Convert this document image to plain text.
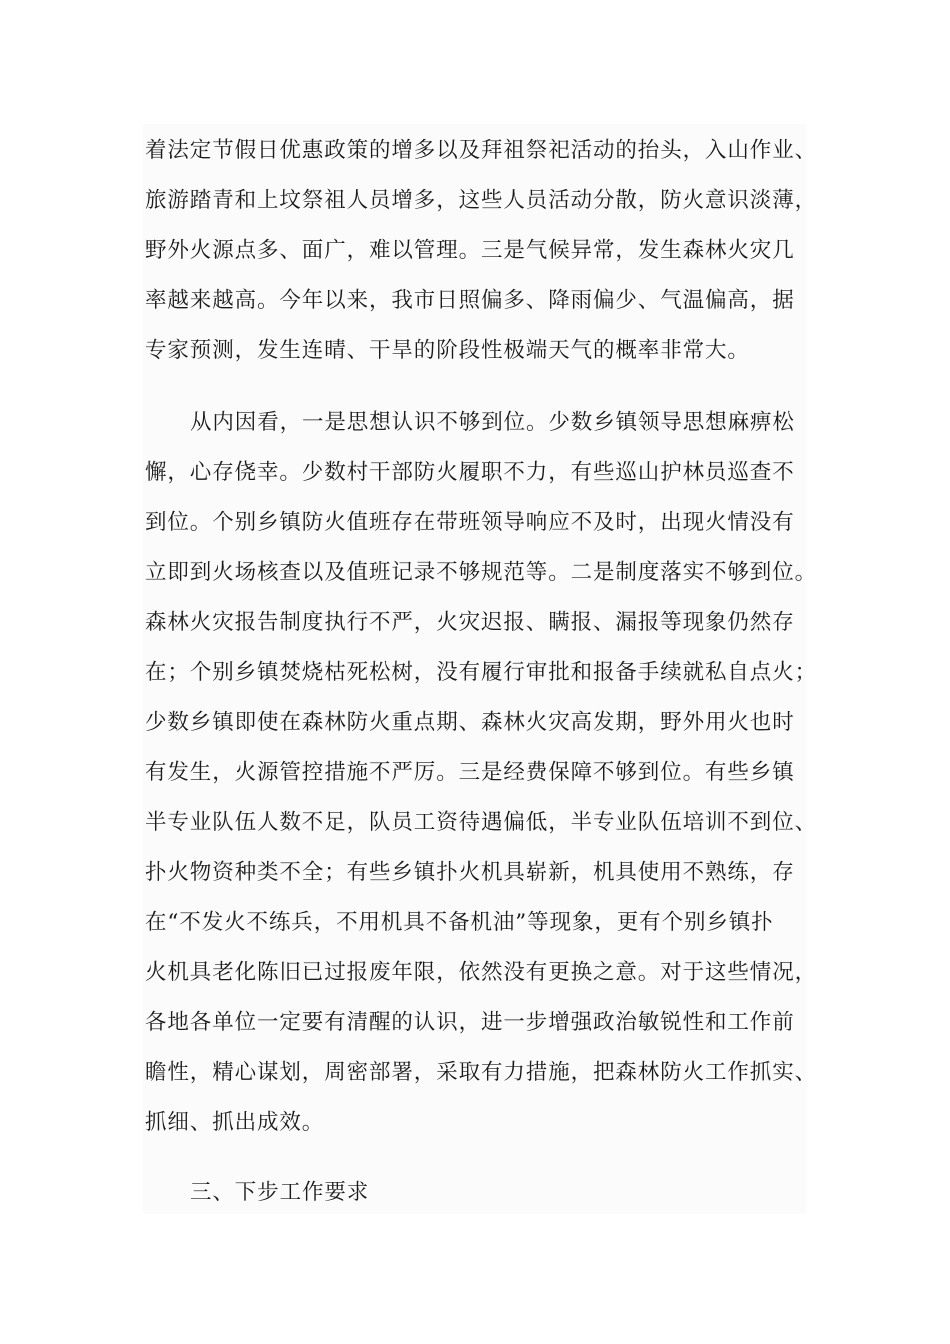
着法定节假日优惠政策的增多以及拜祖祭祀活动的抬头，入山作业、
旅游踏青和上坟祭祖人员增多，这些人员活动分散，防火意识淡薄，
野外火源点多、面广，难以管理。三是气候异常，发生森林火灾几
率越来越高。今年以来，我市日照偏多、降雨偏少、气温偏高，据
专家预测，发生连晴、干旱的阶段性极端天气的概率非常大。
从内因看，一是思想认识不够到位。少数乡镇领导思想麻痹松
懈，心存侥幸。少数村干部防火履职不力，有些巡山护林员巡查不
到位。个别乡镇防火值班存在带班领导响应不及时，出现火情没有
立即到火场核查以及值班记录不够规范等。二是制度落实不够到位。
森林火灾报告制度执行不严，火灾迟报、瞒报、漏报等现象仍然存
在；个别乡镇焚烧枯死松树，没有履行审批和报备手续就私自点火；
少数乡镇即使在森林防火重点期、森林火灾高发期，野外用火也时
有发生，火源管控措施不严厉。三是经费保障不够到位。有些乡镇
半专业队伍人数不足，队员工资待遇偏低，半专业队伍培训不到位、
扑火物资种类不全；有些乡镇扑火机具崭新，机具使用不熟练，存
在“不发火不练兵，不用机具不备机油”等现象，更有个别乡镇扑
火机具老化陈旧已过报废年限，依然没有更换之意。对于这些情况，
各地各单位一定要有清醒的认识，进一步增强政治敏锐性和工作前
瞻性，精心谋划，周密部署，采取有力措施，把森林防火工作抓实、
抓细、抓出成效。
三、下步工作要求
